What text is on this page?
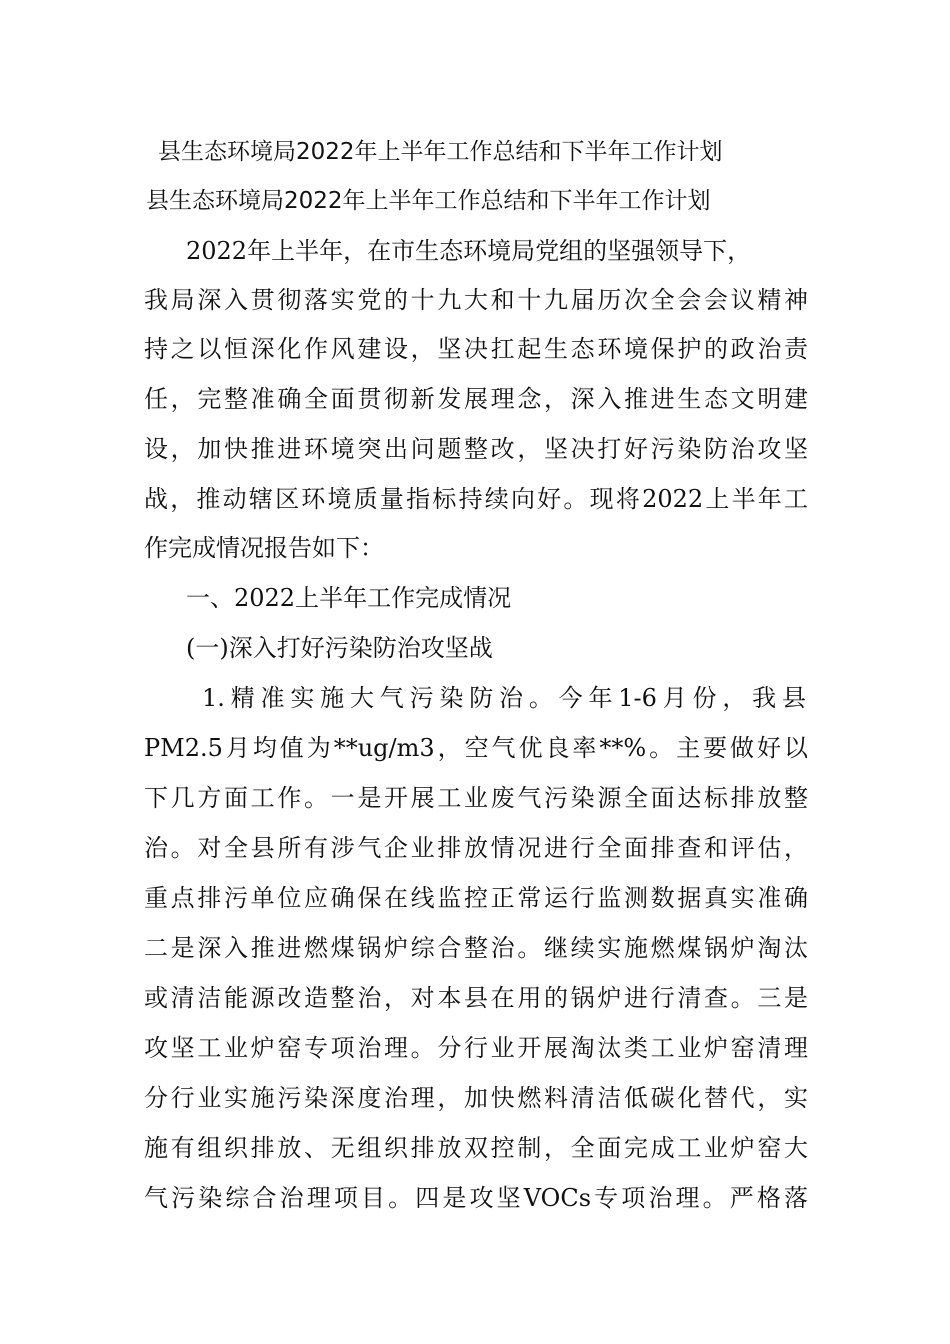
县生态环境局2022年上半年工作总结和下半年工作计划
县生态环境局2022年上半年工作总结和下半年工作计划
2022年上半年，在市生态环境局党组的坚强领导下，
我局深入贯彻落实党的十九大和十九届历次全会会议精神
持之以恒深化作风建设，坚决扛起生态环境保护的政治责
任，完整准确全面贯彻新发展理念，深入推进生态文明建
设，加快推进环境突出问题整改，坚决打好污染防治攻坚
战，推动辖区环境质量指标持续向好。现将2022上半年工
作完成情况报告如下：
一、2022上半年工作完成情况
(一)深入打好污染防治攻坚战
1.精准实施大气污染防治。今年1-6月份，我县
PM2.5月均值为**ug/m3，空气优良率**%。主要做好以
下几方面工作。一是开展工业废气污染源全面达标排放整
治。对全县所有涉气企业排放情况进行全面排查和评估，
重点排污单位应确保在线监控正常运行监测数据真实准确
二是深入推进燃煤锅炉综合整治。继续实施燃煤锅炉淘汰
或清洁能源改造整治，对本县在用的锅炉进行清查。三是
攻坚工业炉窑专项治理。分行业开展淘汰类工业炉窑清理
分行业实施污染深度治理，加快燃料清洁低碳化替代，实
施有组织排放、无组织排放双控制，全面完成工业炉窑大
气污染综合治理项目。四是攻坚VOCs专项治理。严格落
